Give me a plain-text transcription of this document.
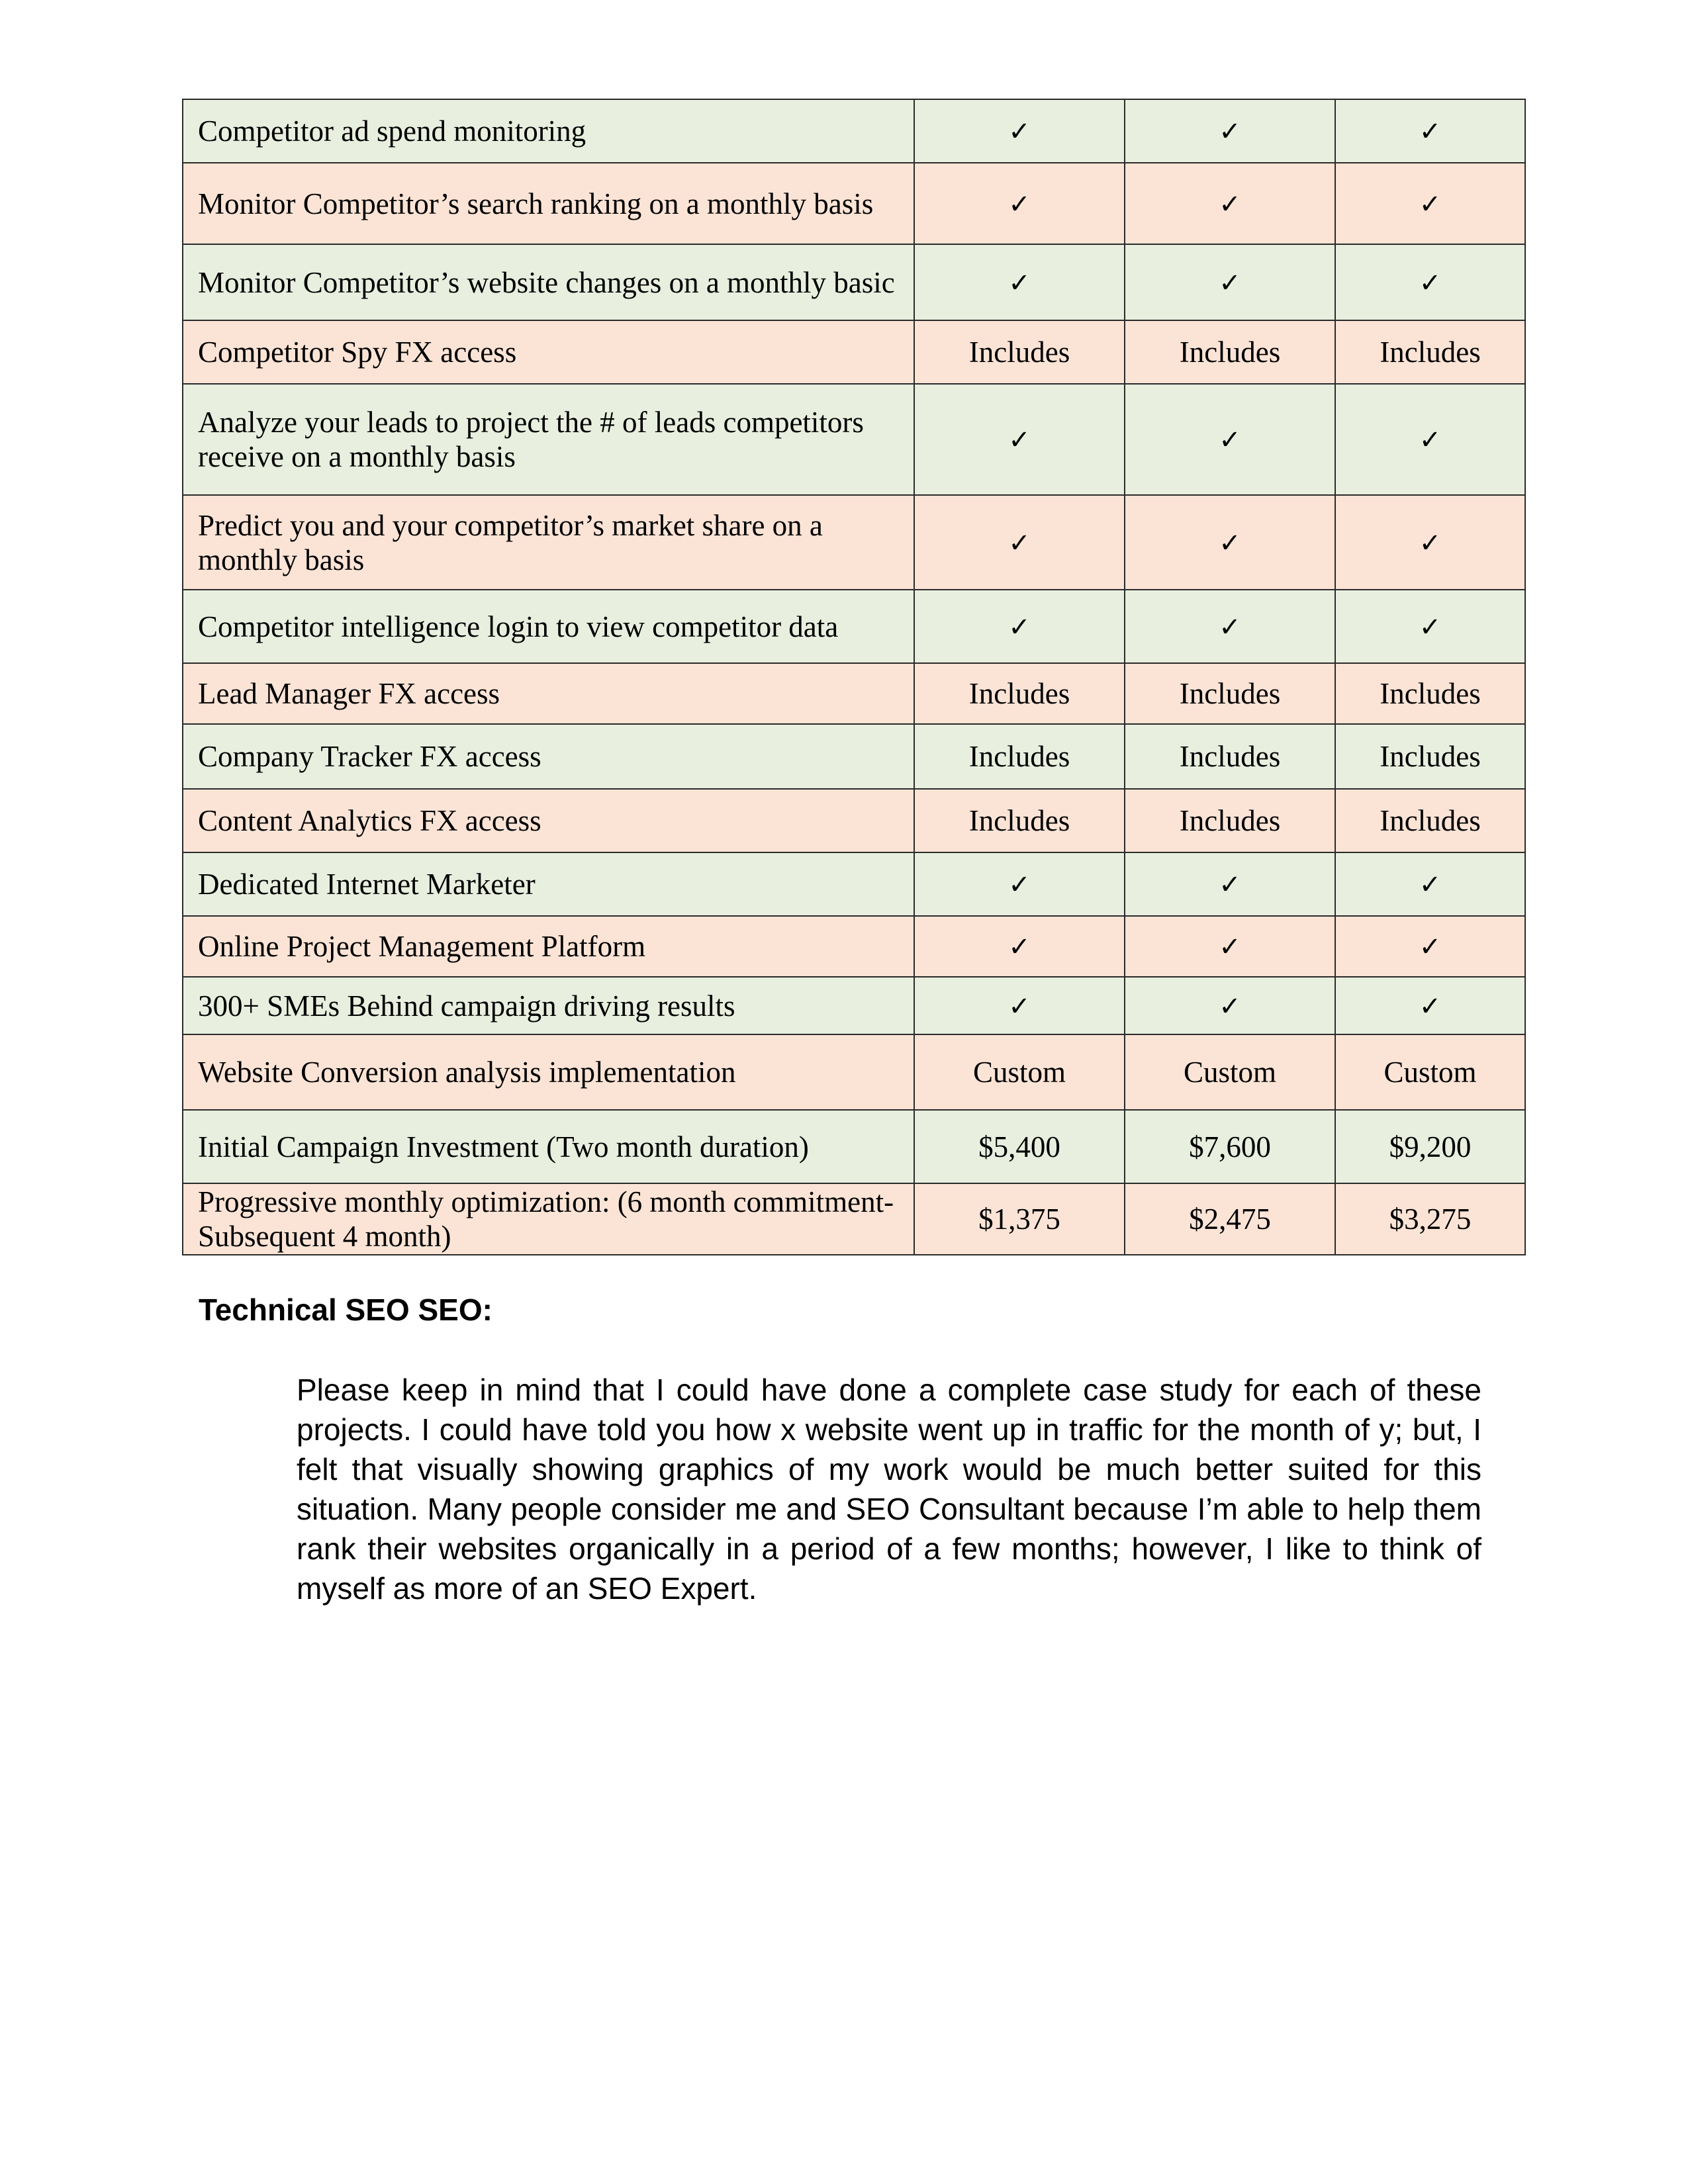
Competitor ad spend monitoring	✓	✓	✓
Monitor Competitor’s search ranking on a monthly basis	✓	✓	✓
Monitor Competitor’s website changes on a monthly basic	✓	✓	✓
Competitor Spy FX access	Includes	Includes	Includes
Analyze your leads to project the # of leads competitors receive on a monthly basis	✓	✓	✓
Predict you and your competitor’s market share on a monthly basis	✓	✓	✓
Competitor intelligence login to view competitor data	✓	✓	✓
Lead Manager FX access	Includes	Includes	Includes
Company Tracker FX access	Includes	Includes	Includes
Content Analytics FX access	Includes	Includes	Includes
Dedicated Internet Marketer	✓	✓	✓
Online Project Management Platform	✓	✓	✓
300+ SMEs Behind campaign driving results	✓	✓	✓
Website Conversion analysis implementation	Custom	Custom	Custom
Initial Campaign Investment (Two month duration)	$5,400	$7,600	$9,200
Progressive monthly optimization: (6 month commitment- Subsequent 4 month)	$1,375	$2,475	$3,275
Technical SEO SEO:

Please keep in mind that I could have done a complete case study for each of these projects. I could have told you how x website went up in traffic for the month of y; but, I felt that visually showing graphics of my work would be much better suited for this situation. Many people consider me and SEO Consultant because I’m able to help them rank their websites organically in a period of a few months; however, I like to think of myself as more of an SEO Expert.
